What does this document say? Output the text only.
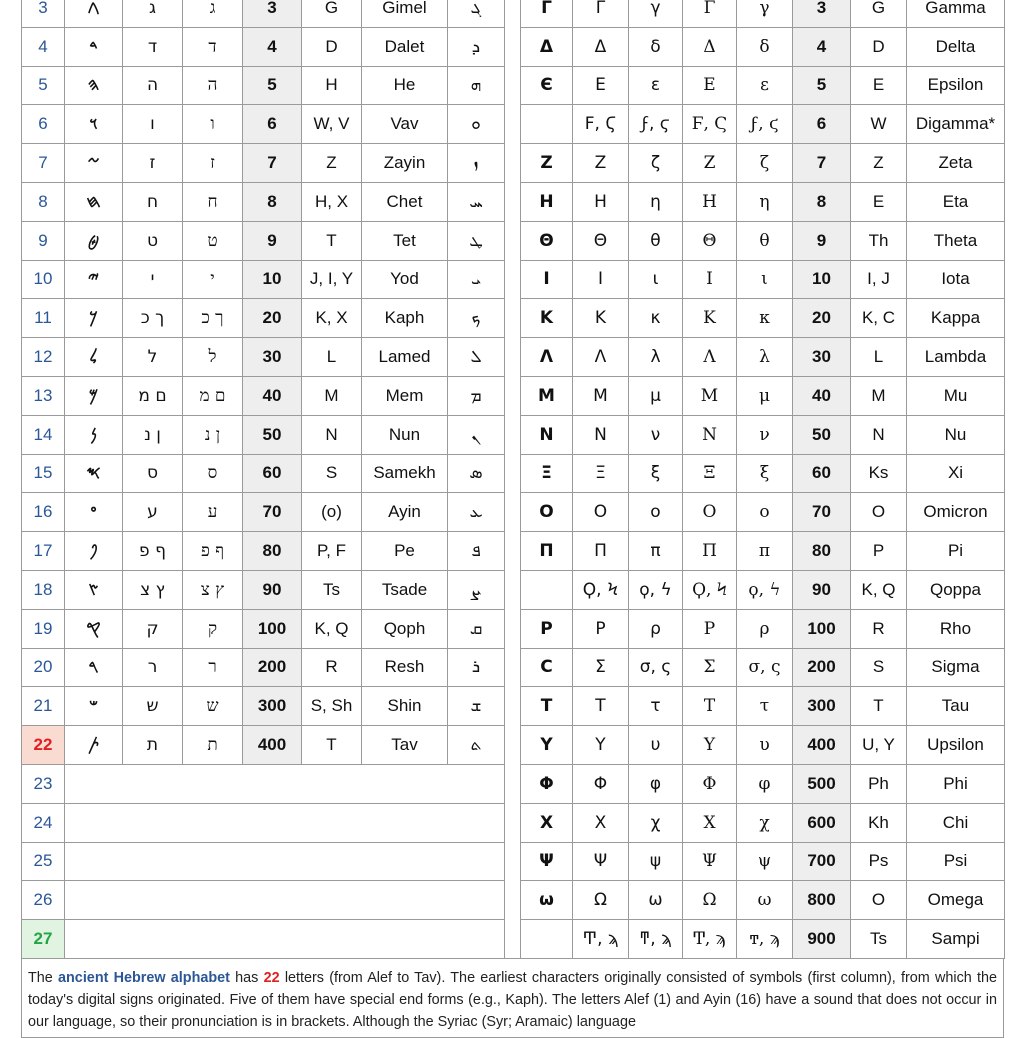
3	𐤂	ג	ג	3	G	Gimel	ܓ
4	𐤃	ד	ד	4	D	Dalet	ܕ
5	𐤄	ה	ה	5	H	He	ܗ
6	𐤅	ו	ו	6	W, V	Vav	ܘ
7	𐤆	ז	ז	7	Z	Zayin	ܙ
8	𐤇	ח	ח	8	H, X	Chet	ܚ
9	𐤈	ט	ט	9	T	Tet	ܛ
10	𐤉	י	י	10	J, I, Y	Yod	ܝ
11	𐤊	ך כ	ך כ	20	K, X	Kaph	ܟ
12	𐤋	ל	ל	30	L	Lamed	ܠ
13	𐤌	ם מ	ם מ	40	M	Mem	ܡ
14	𐤍	ן נ	ן נ	50	N	Nun	ܢ
15	𐤎	ס	ס	60	S	Samekh	ܣ
16	𐤏	ע	ע	70	(o)	Ayin	ܥ
17	𐤐	ף פ	ף פ	80	P, F	Pe	ܦ
18	𐤑	ץ צ	ץ צ	90	Ts	Tsade	ܨ
19	𐤒	ק	ק	100	K, Q	Qoph	ܩ
20	𐤓	ר	ר	200	R	Resh	ܪ
21	𐤔	ש	ש	300	S, Sh	Shin	ܫ
22	𐤕	ת	ת	400	T	Tav	ܬ
23							
24							
25							
26							
27							
Γ	Γ	γ	Γ	γ	3	G	Gamma
Δ	Δ	δ	Δ	δ	4	D	Delta
Є	Ε	ε	Ε	ε	5	E	Epsilon
	Ϝ, Ϛ	ϝ, ϛ	Ϝ, Ϛ	ϝ, ϛ	6	W	Digamma*
Z	Ζ	ζ	Ζ	ζ	7	Z	Zeta
H	Η	η	Η	η	8	E	Eta
Θ	Θ	θ	Θ	θ	9	Th	Theta
I	Ι	ι	Ι	ι	10	I, J	Iota
K	Κ	κ	Κ	κ	20	K, C	Kappa
Λ	Λ	λ	Λ	λ	30	L	Lambda
M	Μ	μ	Μ	μ	40	M	Mu
N	Ν	ν	Ν	ν	50	N	Nu
Ξ	Ξ	ξ	Ξ	ξ	60	Ks	Xi
O	Ο	ο	Ο	ο	70	O	Omicron
Π	Π	π	Π	π	80	P	Pi
	Ϙ, Ϟ	ϙ, ϟ	Ϙ, Ϟ	ϙ, ϟ	90	K, Q	Qoppa
P	Ρ	ρ	Ρ	ρ	100	R	Rho
C	Σ	σ, ς	Σ	σ, ς	200	S	Sigma
T	Τ	τ	Τ	τ	300	T	Tau
Y	Υ	υ	Υ	υ	400	U, Y	Upsilon
Φ	Φ	φ	Φ	φ	500	Ph	Phi
X	Χ	χ	Χ	χ	600	Kh	Chi
Ψ	Ψ	ψ	Ψ	ψ	700	Ps	Psi
ω	Ω	ω	Ω	ω	800	O	Omega
	Ͳ, ϡ	ͳ, ϡ	Ͳ, ϡ	ͳ, ϡ	900	Ts	Sampi
The ancient Hebrew alphabet has 22 letters (from Alef to Tav). The earliest characters originally consisted of symbols (first column), from which the today's digital signs originated. Five of them have special end forms (e.g., Kaph). The letters Alef (1) and Ayin (16) have a sound that does not occur in our language, so their pronunciation is in brackets. Although the Syriac (Syr; Aramaic) language
